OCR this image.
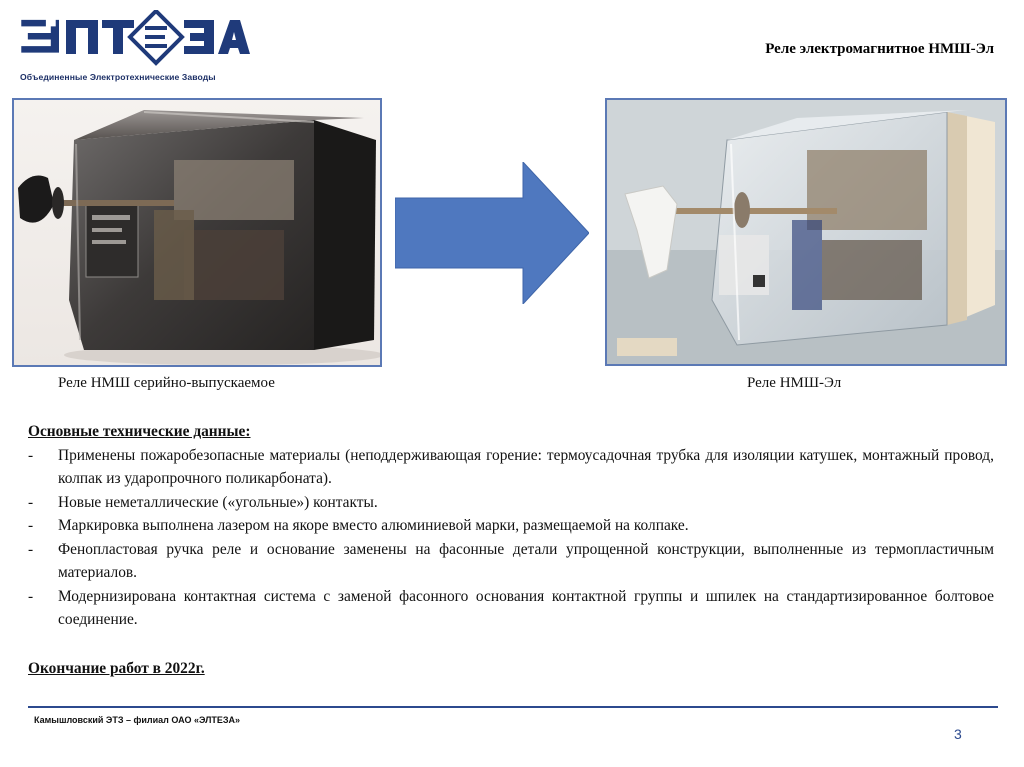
Объединенные Электротехнические Заводы
Реле электромагнитное НМШ-Эл
Реле НМШ серийно-выпускаемое	Реле НМШ-Эл
Основные технические данные:
- Применены пожаробезопасные материалы (неподдерживающая горение: термоусадочная трубка для изоляции катушек, монтажный провод, колпак из ударопрочного поликарбоната).
- Новые неметаллические («угольные») контакты.
- Маркировка выполнена лазером на якоре вместо алюминиевой марки, размещаемой на колпаке.
- Фенопластовая ручка реле и основание заменены на фасонные детали упрощенной конструкции, выполненные из термопластичным материалов.
- Модернизирована контактная система с заменой фасонного основания контактной группы и шпилек на стандартизированное болтовое соединение.
Окончание работ в 2022г.
Камышловский ЭТЗ – филиал ОАО «ЭЛТЕЗА»
3
